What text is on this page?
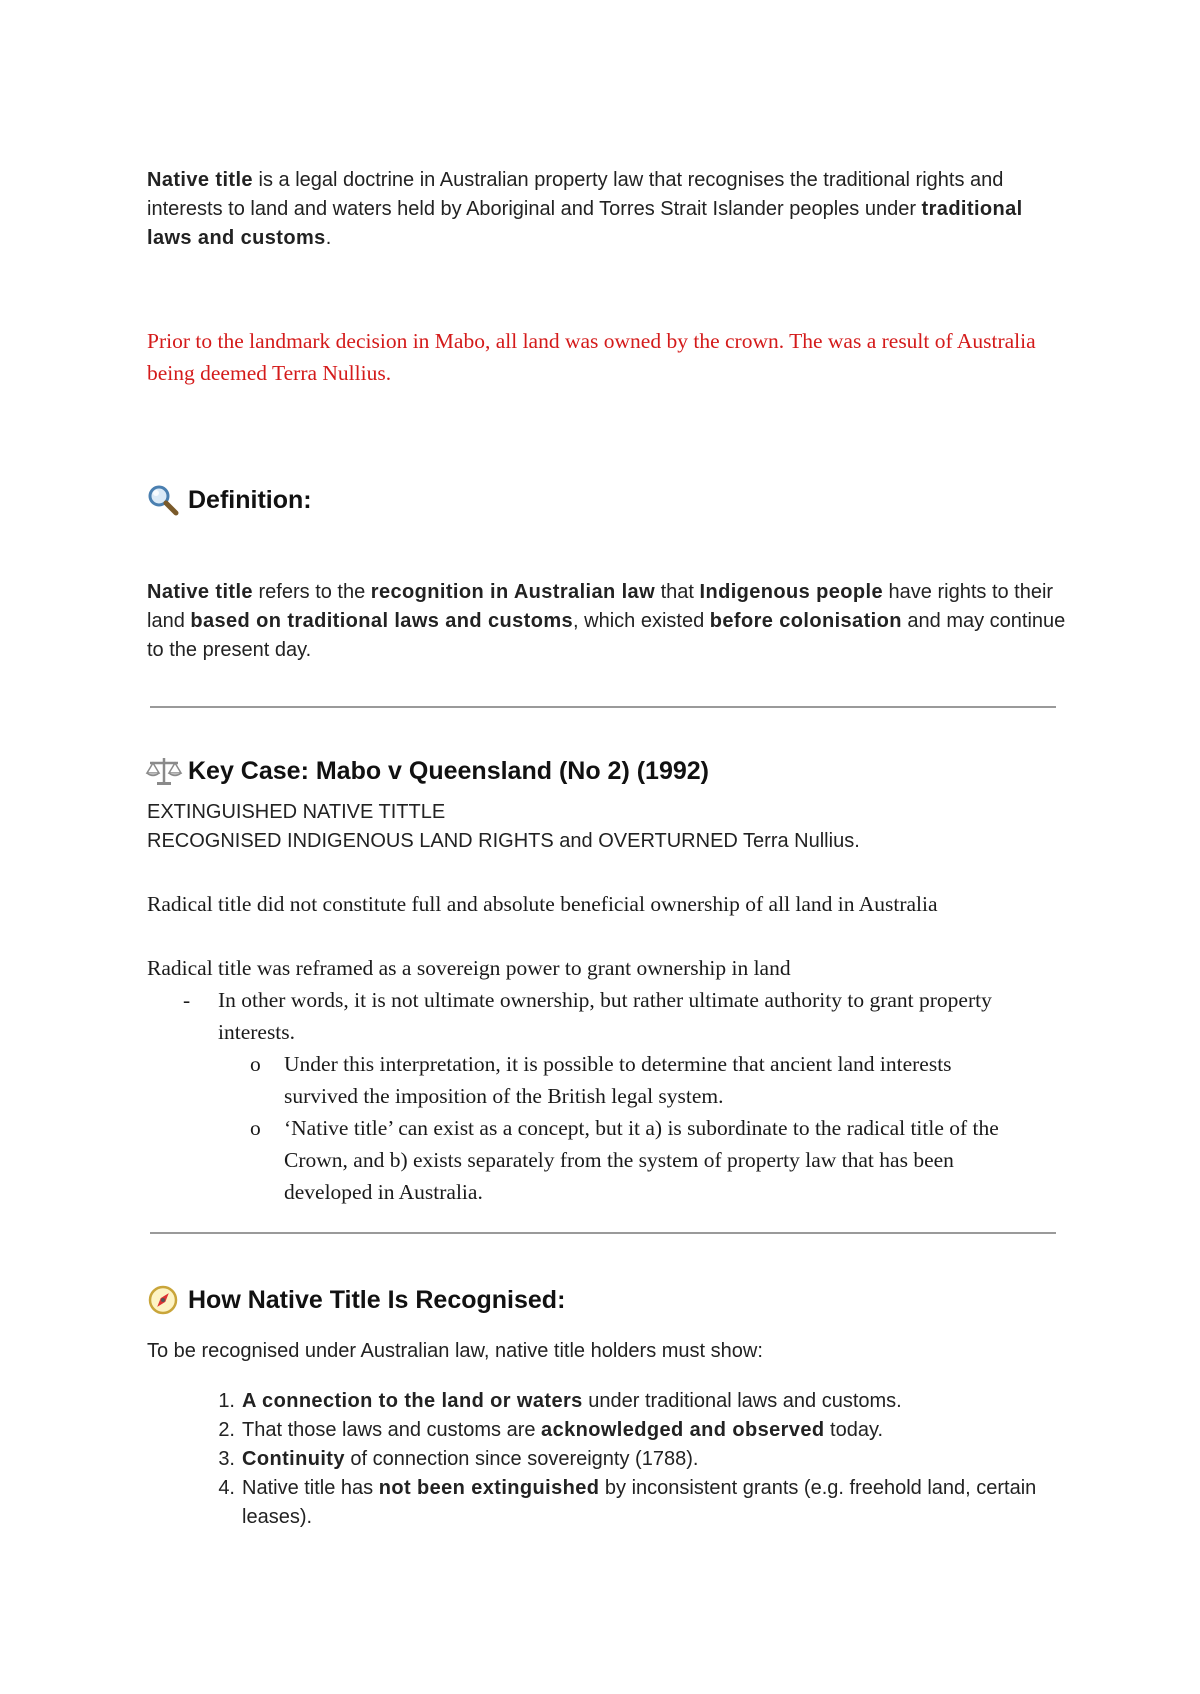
Native title is a legal doctrine in Australian property law that recognises the traditional rights and interests to land and waters held by Aboriginal and Torres Strait Islander peoples under traditional laws and customs.

Prior to the landmark decision in Mabo, all land was owned by the crown. The was a result of Australia being deemed Terra Nullius.

Definition:

Native title refers to the recognition in Australian law that Indigenous people have rights to their land based on traditional laws and customs, which existed before colonisation and may continue to the present day.

Key Case: Mabo v Queensland (No 2) (1992)
EXTINGUISHED NATIVE TITTLE
RECOGNISED INDIGENOUS LAND RIGHTS and OVERTURNED Terra Nullius.
Radical title did not constitute full and absolute beneficial ownership of all land in Australia
Radical title was reframed as a sovereign power to grant ownership in land
- In other words, it is not ultimate ownership, but rather ultimate authority to grant property interests.
o Under this interpretation, it is possible to determine that ancient land interests survived the imposition of the British legal system.
o ‘Native title’ can exist as a concept, but it a) is subordinate to the radical title of the Crown, and b) exists separately from the system of property law that has been developed in Australia.
How Native Title Is Recognised:

To be recognised under Australian law, native title holders must show:

1. A connection to the land or waters under traditional laws and customs.
2. That those laws and customs are acknowledged and observed today.
3. Continuity of connection since sovereignty (1788).
4. Native title has not been extinguished by inconsistent grants (e.g. freehold land, certain leases).
